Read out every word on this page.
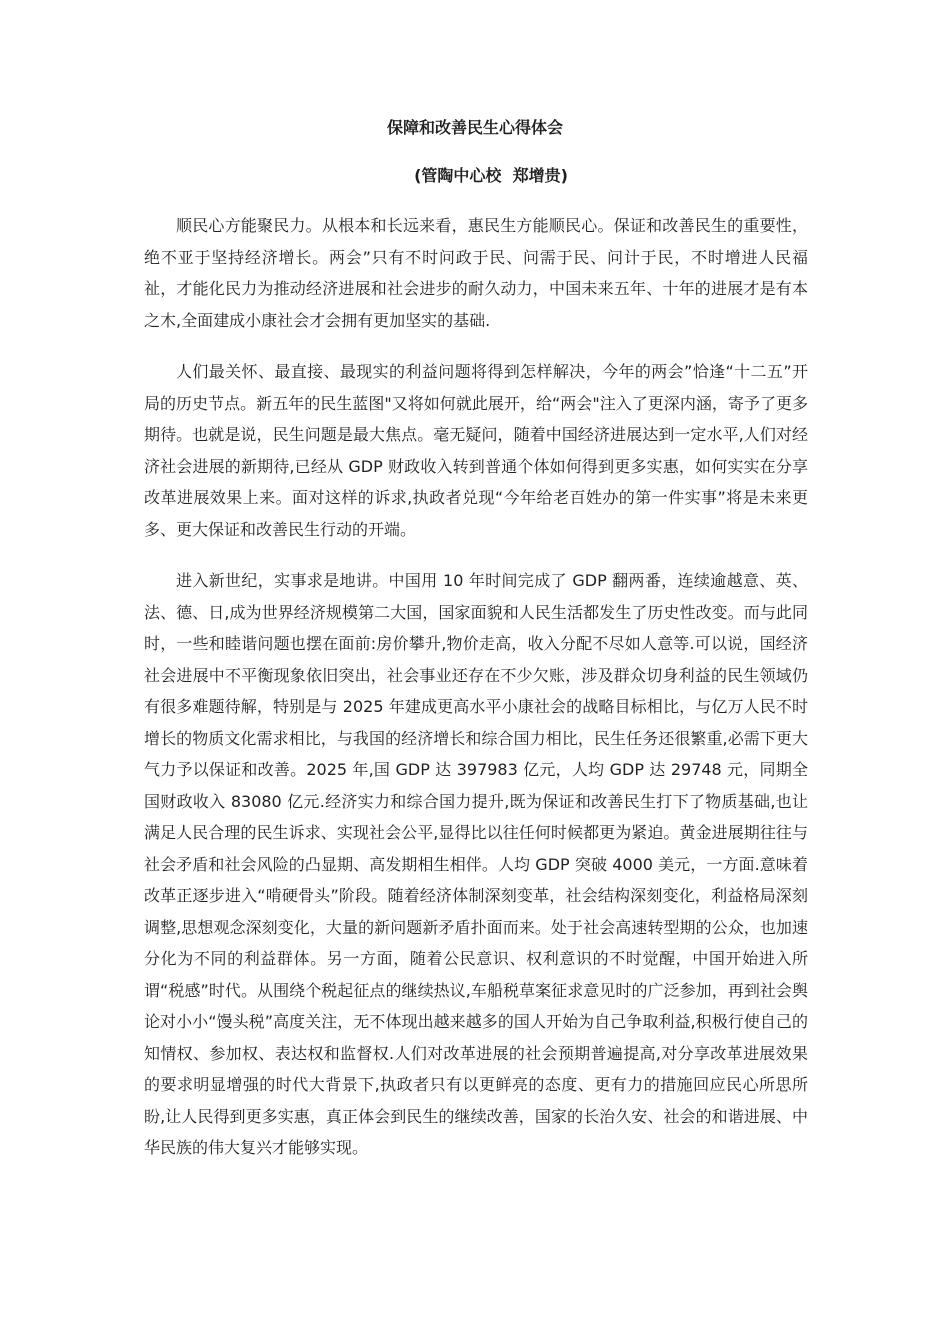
保障和改善民生心得体会
(管陶中心校  郑增贵)

顺民心方能聚民力。从根本和长远来看，惠民生方能顺民心。保证和改善民生的重要性，绝不亚于坚持经济增长。两会”只有不时问政于民、问需于民、问计于民，不时增进人民福祉，才能化民力为推动经济进展和社会进步的耐久动力，中国未来五年、十年的进展才是有本之木,全面建成小康社会才会拥有更加坚实的基础.

人们最关怀、最直接、最现实的利益问题将得到怎样解决，今年的两会”恰逢“十二五”开局的历史节点。新五年的民生蓝图"又将如何就此展开，给“两会"注入了更深内涵，寄予了更多期待。也就是说，民生问题是最大焦点。毫无疑问，随着中国经济进展达到一定水平,人们对经济社会进展的新期待,已经从 GDP 财政收入转到普通个体如何得到更多实惠，如何实实在分享改革进展效果上来。面对这样的诉求,执政者兑现“今年给老百姓办的第一件实事”将是未来更多、更大保证和改善民生行动的开端。

进入新世纪，实事求是地讲。中国用 10 年时间完成了 GDP 翻两番，连续逾越意、英、法、德、日,成为世界经济规模第二大国，国家面貌和人民生活都发生了历史性改变。而与此同时，一些和睦谐问题也摆在面前:房价攀升,物价走高，收入分配不尽如人意等.可以说，国经济社会进展中不平衡现象依旧突出，社会事业还存在不少欠账，涉及群众切身利益的民生领域仍有很多难题待解，特别是与 2025 年建成更高水平小康社会的战略目标相比，与亿万人民不时增长的物质文化需求相比，与我国的经济增长和综合国力相比，民生任务还很繁重,必需下更大气力予以保证和改善。2025 年,国 GDP 达 397983 亿元，人均 GDP 达 29748 元，同期全国财政收入 83080 亿元.经济实力和综合国力提升,既为保证和改善民生打下了物质基础,也让满足人民合理的民生诉求、实现社会公平,显得比以往任何时候都更为紧迫。黄金进展期往往与社会矛盾和社会风险的凸显期、高发期相生相伴。人均 GDP 突破 4000 美元，一方面.意味着改革正逐步进入“啃硬骨头”阶段。随着经济体制深刻变革，社会结构深刻变化，利益格局深刻调整,思想观念深刻变化，大量的新问题新矛盾扑面而来。处于社会高速转型期的公众，也加速分化为不同的利益群体。另一方面，随着公民意识、权利意识的不时觉醒，中国开始进入所谓“税感”时代。从围绕个税起征点的继续热议,车船税草案征求意见时的广泛参加，再到社会舆论对小小“馒头税”高度关注，无不体现出越来越多的国人开始为自己争取利益,积极行使自己的知情权、参加权、表达权和监督权.人们对改革进展的社会预期普遍提高,对分享改革进展效果的要求明显增强的时代大背景下,执政者只有以更鲜亮的态度、更有力的措施回应民心所思所盼,让人民得到更多实惠，真正体会到民生的继续改善，国家的长治久安、社会的和谐进展、中华民族的伟大复兴才能够实现。
